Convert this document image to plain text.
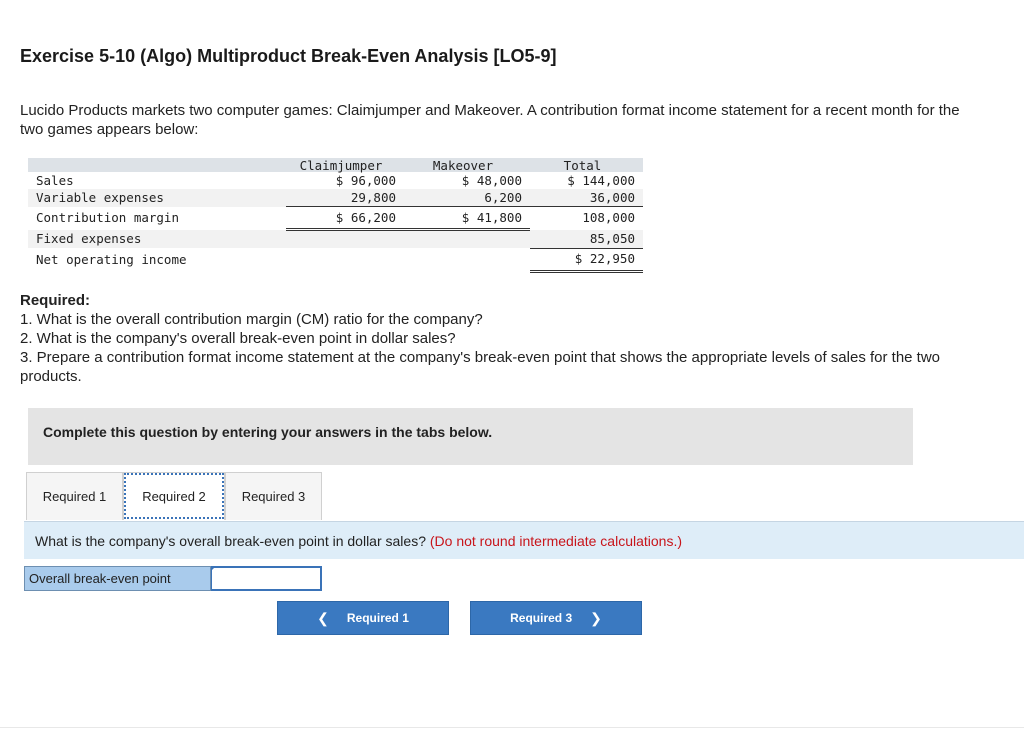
Exercise 5-10 (Algo) Multiproduct Break-Even Analysis [LO5-9]
Lucido Products markets two computer games: Claimjumper and Makeover. A contribution format income statement for a recent month for the two games appears below:
	Claimjumper	Makeover	Total
Sales	$ 96,000	$ 48,000	$ 144,000
Variable expenses	29,800	6,200	36,000
Contribution margin	$ 66,200	$ 41,800	108,000
Fixed expenses			85,050
Net operating income			$ 22,950
Required:
1. What is the overall contribution margin (CM) ratio for the company?
2. What is the company's overall break-even point in dollar sales?
3. Prepare a contribution format income statement at the company's break-even point that shows the appropriate levels of sales for the two products.
Complete this question by entering your answers in the tabs below.
Required 1	Required 2	Required 3
What is the company's overall break-even point in dollar sales? (Do not round intermediate calculations.)
Overall break-even point
❮ Required 1	Required 3 ❯
